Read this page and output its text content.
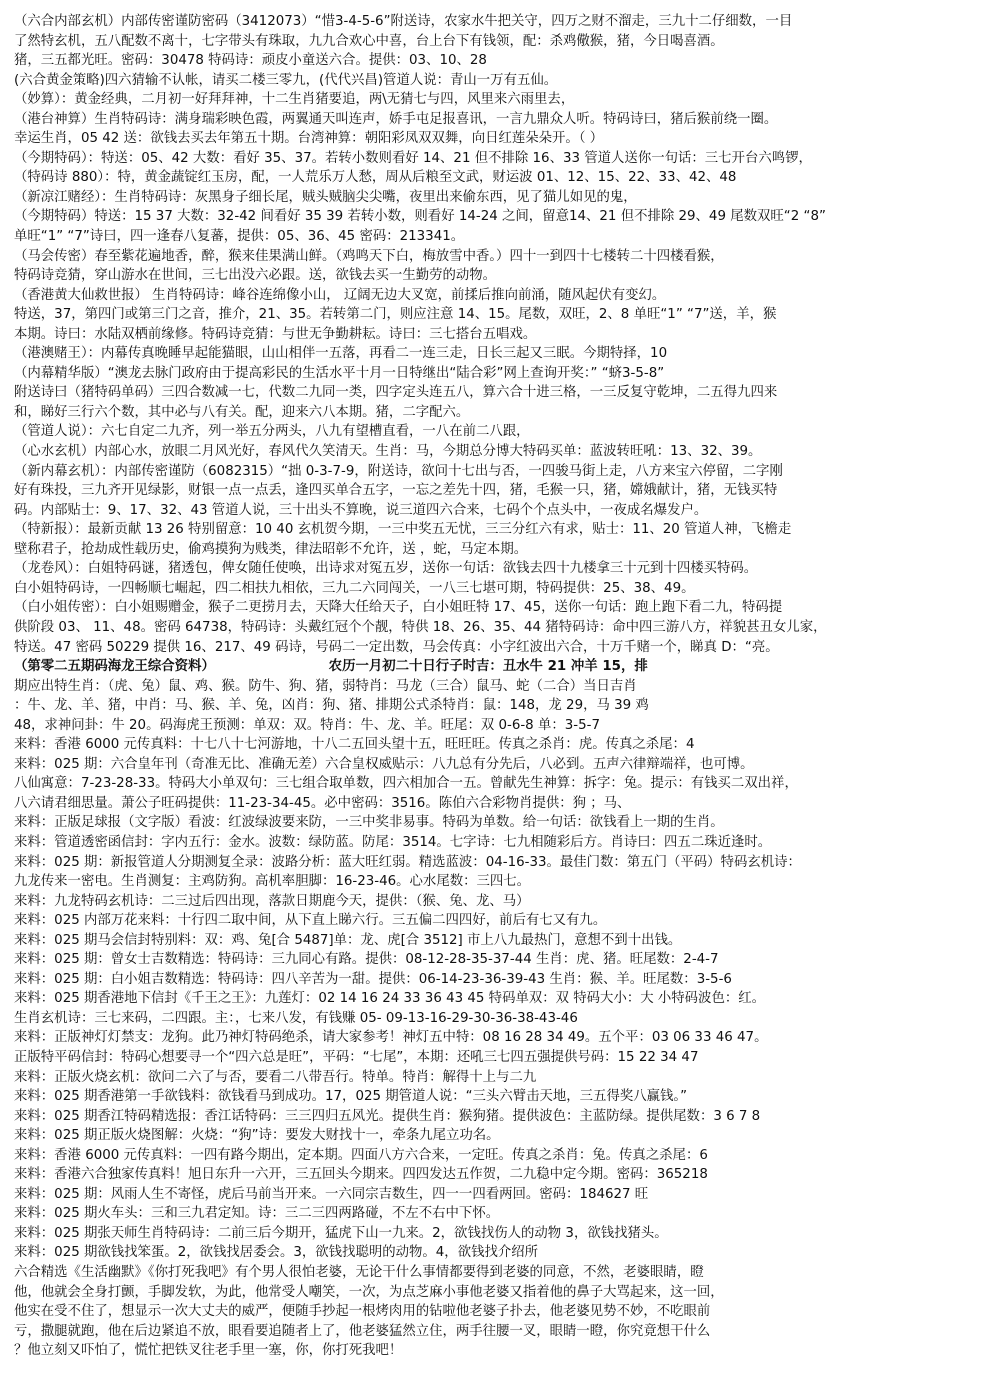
（六合内部玄机）内部传密谨防密码（3412073）“惜3-4-5-6”附送诗，农家水牛把关守，四万之财不溜走，三九十二仔细数，一目
了然特玄机，五八配数不离十，七字带头有珠取，九九合欢心中喜，台上台下有钱领，配：杀鸡儆猴，猪，今日喝喜酒。
猪，三五都光旺。密码：30478 特码诗：顽皮小童送六合。提供：03、10、28
(六合黄金策略)四六猜输不认帐，请买二楼三零九，(代代兴昌)管道人说：青山一万有五仙。
（妙算）：黄金经典，二月初一好拜拜神，十二生肖猪要追，两\无猜七与四，风里来六雨里去，
（港台神算）生肖特码诗：满身瑞彩映色霞，两翼通天叫连声，娇手屯足报喜讯，一言九鼎众人听。特码诗曰，猪后猴前绕一圈。
幸运生肖，05 42 送：欲钱去买去年第五十期。台湾神算：朝阳彩凤双双舞，向日红莲朵朵开。（ ）
（今期特码）：特送：05、42 大数：看好 35、37。若转小数则看好 14、21 但不排除 16、33 管道人送你一句话：三七开台六鸣锣，
（特码诗 880）：特，黄金蔬锭红玉房，配，一人荒乐万人愁，周从后粮至文武，财运波 01、12、15、22、33、42、48
（新凉江赌经）：生肖特码诗：灰黑身子细长尾，贼头贼脑尖尖嘴，夜里出来偷东西，见了猫儿如见的鬼，
（今期特码）特送：15 37 大数：32-42 间看好 35 39 若转小数，则看好 14-24 之间，留意14、21 但不排除 29、49 尾数双旺“2 “8”
单旺“1” “7”诗曰，四一逢春八复蕃，提供：05、36、45 密码：213341。
（马会传密）春至紫花遍地香，醉，猴来佳果满山鲜。（鸡鸣天下白，梅放雪中香。）四十一到四十七楼转二十四楼看猴，
特码诗竞猜，穿山游水在世间，三七出没六必跟。送，欲钱去买一生勤劳的动物。
（香港黄大仙救世报） 生肖特码诗：峰谷连绵像小山， 辽阔无边大叉宽，前揉后推向前涌，随风起伏有变幻。
特送，37，第四门或第三门之音，推介，21、35。若转第二门，则应注意 14、15。尾数，双旺，2、8 单旺“1” “7”送，羊，猴
本期。诗曰：水陆双栖前缘修。特码诗竞猜：与世无争勤耕耘。诗曰：三七搭台五唱戏。
（港澳赌王）：内幕传真晚睡早起能猫眼，山山相伴一五落，再看二一连三走，日长三起又三眠。今期特择，10
（内幕精华版）“澳龙去脉门政府由于提高彩民的生活水平十月一日特继出“陆合彩”网上查询开奖：” “蛴3-5-8”
附送诗曰（猪特码单码）三四合数减一七，代数二九同一类，四字定头连五八，算六合十进三格，一三反复守乾坤，二五得九四来
和，睇好三行六个数，其中必与八有关。配，迎来六八本期。猪，二字配六。
（管道人说）：六七自定二九齐，列一举五分两头，八九有望槽直看，一八在前二八跟，
（心水玄机）内部心水，放眼二月风光好，春风代久笑清天。生肖：马，今期总分博大特码买单：蓝波转旺吼：13、32、39。
（新内幕玄机）：内部传密谨防（6082315）“拙 0-3-7-9，附送诗，欲问十七出与否，一四骏马街上走，八方来宝六停留，二字刚
好有珠投，三九齐开见绿影，财银一点一点丢，逢四买单合五字，一忘之差先十四，猪，毛猴一只，猪，嫦娥献计，猪，无钱买特
码。内部贴士：9、17、32、43 管道人说，三十出头不算晚，说三道四六合来，七码个个点头中，一夜成名爆发户。
（特新报）：最新贡献 13 26 特别留意：10 40 玄机贺今期，一三中奖五无忧，三三分红六有求，贴士：11、20 管道人神，飞檐走
壁称君子，抢劫成性载历史，偷鸡摸狗为贱类，律法昭彰不允许，送 ，蛇，马定本期。
（龙卷风）：白姐特码谜，猪透包，俾女随任使唤，出诗求对冤五岁，送你一句话：欲钱去四十九楼拿三十元到十四楼买特码。
白小姐特码诗，一四畅顺七崛起，四二相扶九相依，三九二六同闯关，一八三七堪可期，特码提供：25、38、49。
（白小姐传密）：白小姐赐赠金，猴子二更捞月去，天降大任给天子，白小姐旺特 17、45，送你一句话：跑上跑下看二九，特码提
供阶段 03、 11、48。密码 64738，特码诗：头戴红冠个个靓，特供 18、26、35、44 猪特码诗：命中四三游八方，祥貌甚丑女儿家，
特送。47 密码 50229 提供 16、217、49 码诗，号码二一定出数，马会传真：小字红波出六合，十万千赌一个，睇真 D：“亮。
（第零二五期码海龙王综合资料）　　　　　　　　　农历一月初二十日行子时吉：丑水牛 21 冲羊 15，排
期应出特生肖：（虎、兔）鼠、鸡、猴。防牛、狗、猪，弱特肖：马龙（三合）鼠马、蛇（二合）当日吉肖
：牛、龙、羊、猪，中肖：马、猴、羊、兔，凶肖：狗、猪、排期公式杀特肖：鼠：148，龙 29，马 39 鸡
48，求神问卦：牛 20。码海虎王预测：单双：双。特肖：牛、龙、羊。旺尾：双 0-6-8 单：3-5-7
来料：香港 6000 元传真料：十七八十七河游地，十八二五回头望十五，旺旺旺。传真之杀肖：虎。传真之杀尾：4
来料：025 期：六合皇年刊（奇准无比、准确无差）六合皇权威贴示：八九总有分先后，八必到。五声六律辩端祥，也可博。
八仙寓意：7-23-28-33。特码大小单双句：三七组合取单数，四六相加合一五。曾献先生神算：拆字：兔。提示：有钱买二双出祥，
八六请君细思量。萧公子旺码提供：11-23-34-45。必中密码：3516。陈伯六合彩物肖提供：狗 ；马、
来料：正版足球报（文字版）看波：红波绿波要来防，一三中奖非易事。特码为单数。给一句话：欲钱看上一期的生肖。
来料：管道透密函信封：字内五行：金水。波数：绿防蓝。防尾：3514。七字诗：七九相随彩后方。肖诗曰：四五二珠近逢时。
来料：025 期：新报管道人分期测复全录：波路分析：蓝大旺红弱。精选蓝波：04-16-33。最佳门数：第五门（平码）特码玄机诗：
九龙传来一密电。生肖测复：主鸡防狗。高机率胆脚：16-23-46。心水尾数：三四七。
来料：九龙特码玄机诗：二三过后四出现，落款日期鹿今天，提供：（猴、兔、龙、马）
来料：025 内部万花来料：十行四二取中间，从下直上睇六行。三五偏二四四好，前后有七又有九。
来料：025 期马会信封特别料：双：鸡、兔[合 5487]单：龙、虎[合 3512] 市上八九最热门，意想不到十出钱。
来料：025 期：曾女士吉数精选：特码诗：三九同心有路。提供：08-12-28-35-37-44 生肖：虎、猪。旺尾数：2-4-7
来料：025 期：白小姐吉数精选：特码诗：四八辛苦为一甜。提供：06-14-23-36-39-43 生肖：猴、羊。旺尾数：3-5-6
来料：025 期香港地下信封《千王之王》：九莲灯：02 14 16 24 33 36 43 45 特码单双：双 特码大小：大 小特码波色：红。
生肖玄机诗：三七来码，二四跟。主：，七来八发，有钱赚 05- 09-13-16-29-30-36-38-43-46
来料：正版神灯灯禁支：龙狗。此乃神灯特码绝杀，请大家参考！神灯五中特：08 16 28 34 49。五个平：03 06 33 46 47。
正版特平码信封：特码心想要寻一个“四六总是旺”，平码：“七尾”，本期：还吼三七四五强提供号码：15 22 34 47
来料：正版火烧玄机：欲问二六了与否，要看二八带吾行。特单。特肖：解得十上与二九
来料：025 期香港第一手欲钱料：欲钱看马到成功。17，025 期管道人说：“三头六臂击天地，三五得奖八赢钱。”
来料：025 期香江特码精选报：香江话特码：三三四归五风光。提供生肖：猴狗猪。提供波色：主蓝防绿。提供尾数：3 6 7 8
来料：025 期正版火烧图解：火烧：“狗”诗：要发大财找十一，牵条九尾立功名。
来料：香港 6000 元传真料：一四有路今期出，定本期。四面八方六合来，一定旺。传真之杀肖：兔。传真之杀尾：6
来料：香港六合独家传真料！旭日东升一六开，三五回头今期来。四四发达五作贺，二九稳中定今期。密码：365218
来料：025 期：风雨人生不寄怪，虎后马前当开来。一六同宗吉数生，四一一四看两回。密码：184627 旺
来料：025 期火车头：三和三九君定知。诗：三二三四两路碰，不左不右中下怀。
来料：025 期张天师生肖特码诗：二前三后今期开，猛虎下山一九来。2，欲钱找伤人的动物 3，欲钱找猪头。
来料：025 期欲钱找笨蛋。2，欲钱找居委会。3，欲钱找聪明的动物。4，欲钱找介绍所
六合精选《生活幽默》《你打死我吧》有个男人很怕老婆，无论干什么事情都要得到老婆的同意，不然，老婆眼睛，瞪
他，他就会全身打颤，手脚发软，为此，他常受人嘲笑，一次，为点芝麻小事他老婆又指着他的鼻子大骂起来，这一回，
他实在受不住了，想显示一次大丈夫的威严，便随手抄起一根烤肉用的钻啦他老婆子扑去，他老婆见势不妙，不吃眼前
亏，撒腿就跑，他在后边紧追不放，眼看要追随者上了，他老婆猛然立住，两手往腰一叉，眼睛一瞪，你究竟想干什么
？他立刻又吓怕了，慌忙把铁叉往老手里一塞，你，你打死我吧！
